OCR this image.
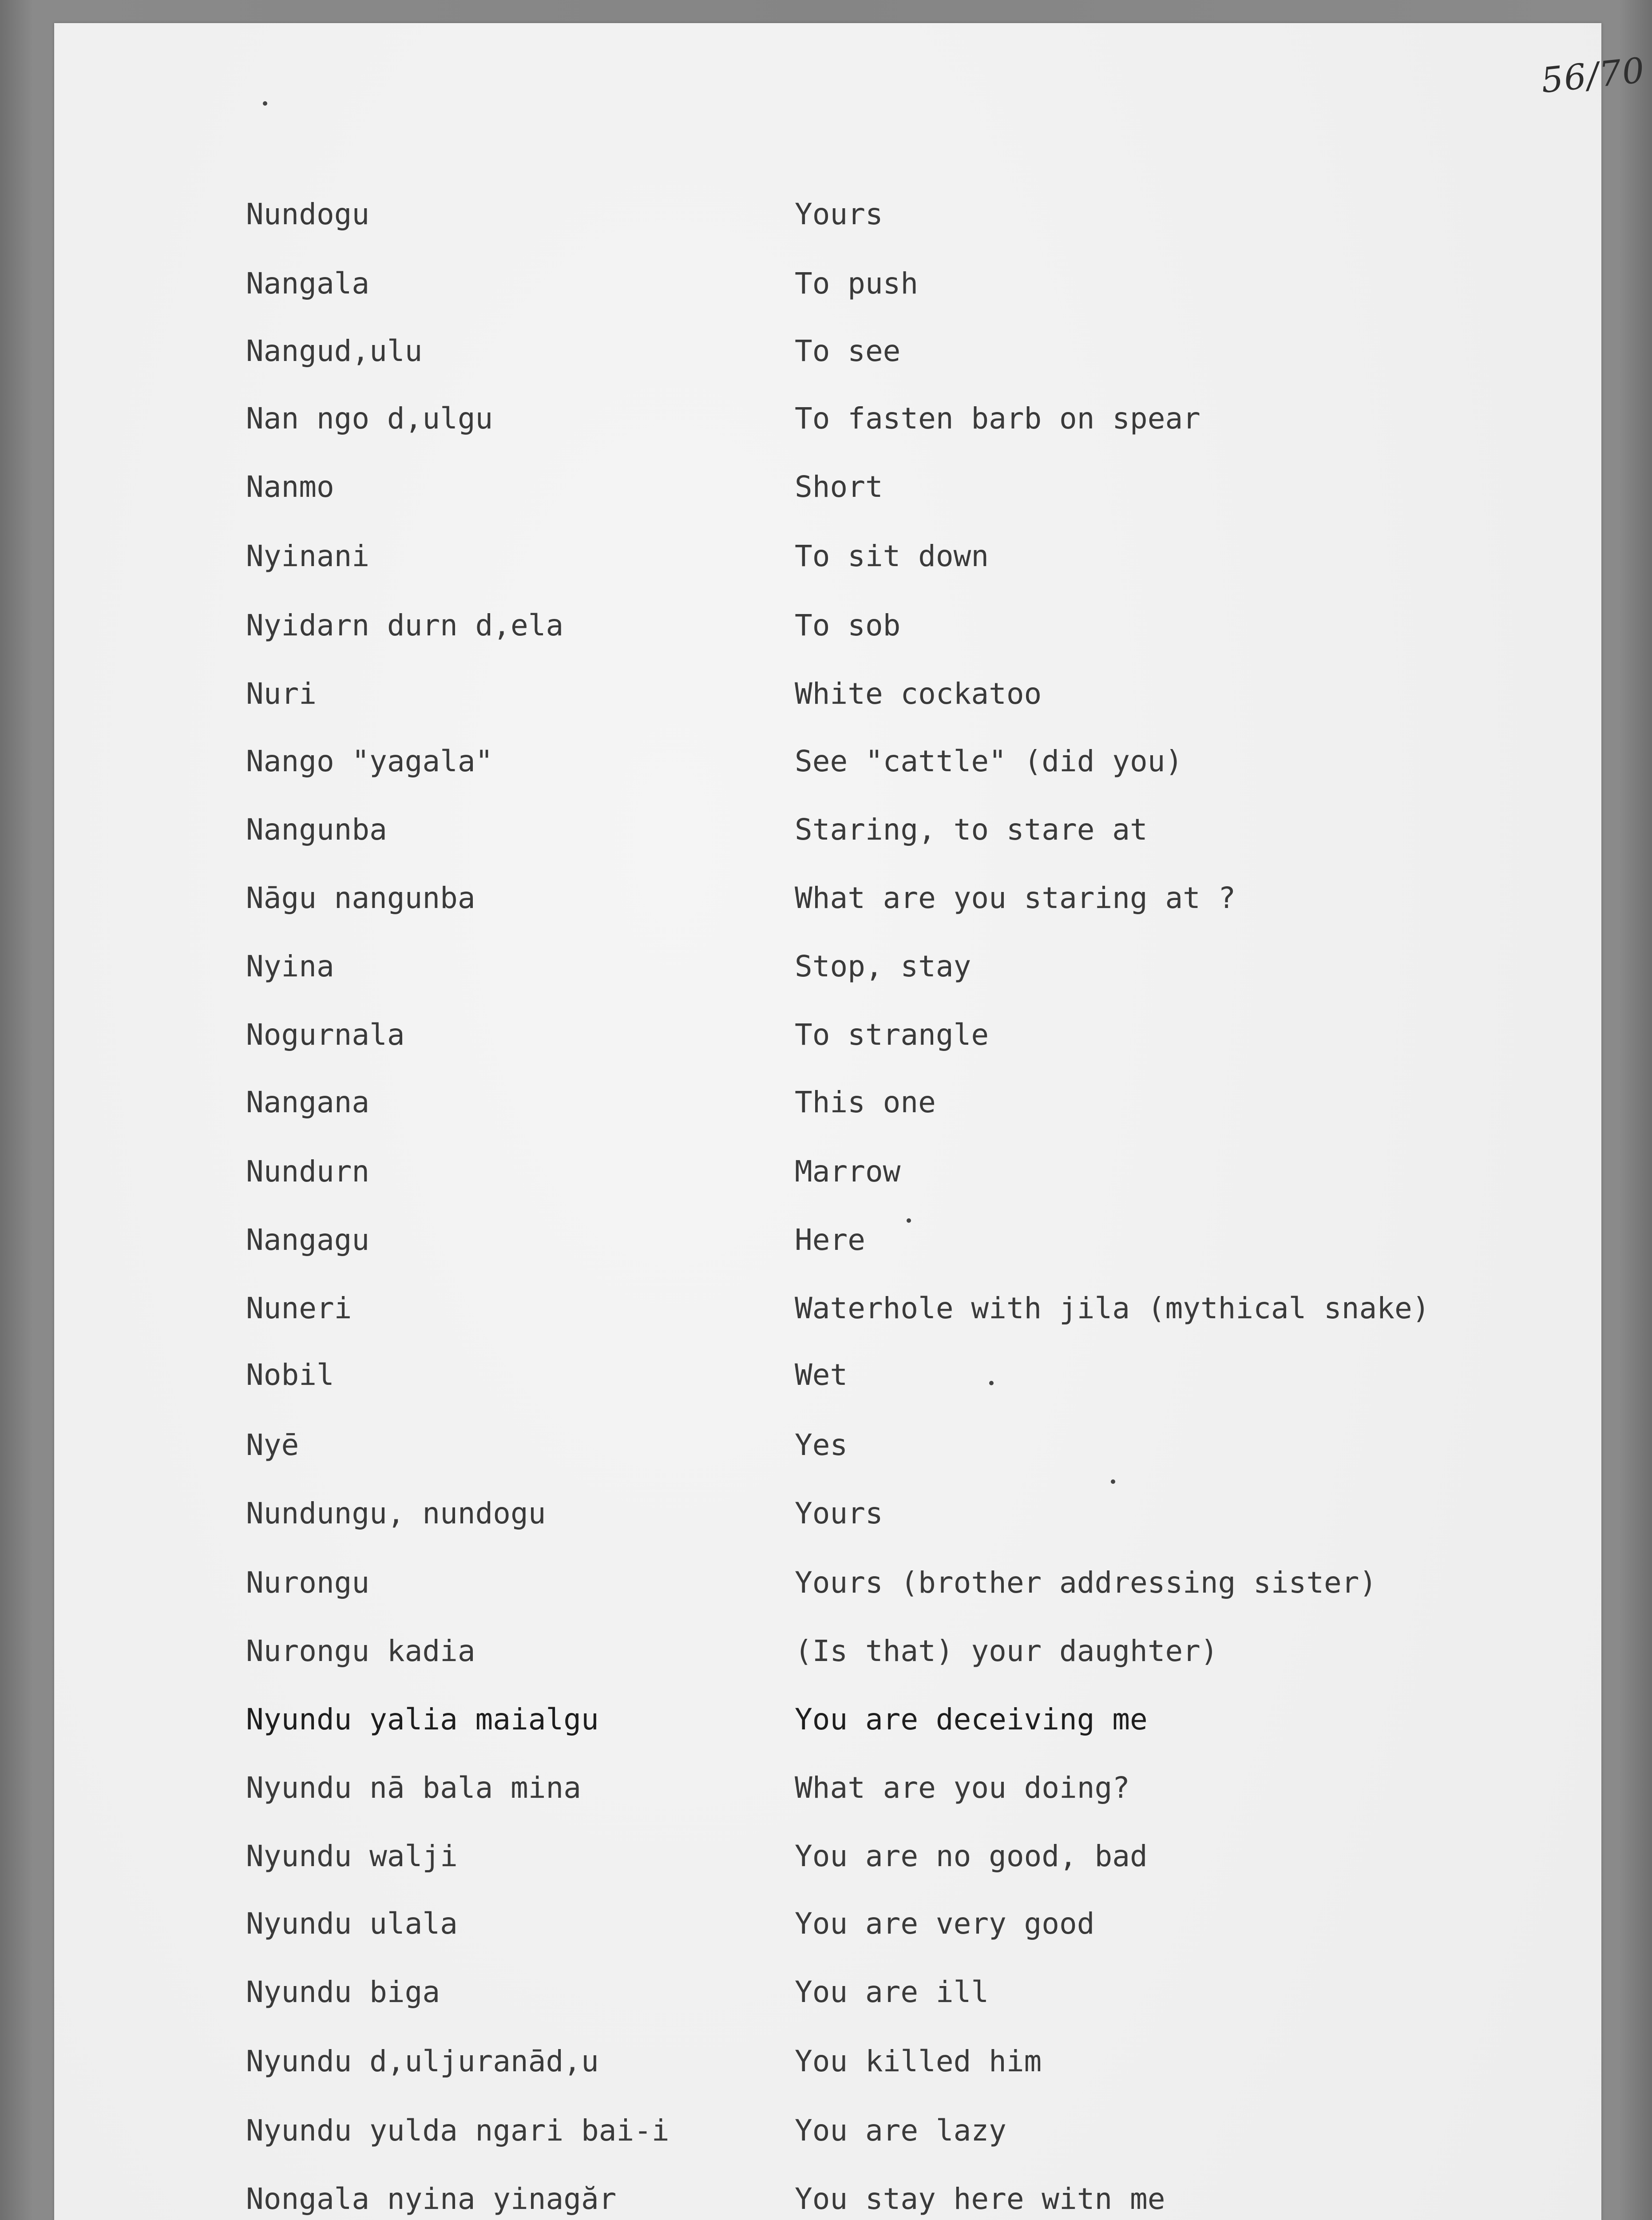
56/70
Nundogu	Yours
Nangala	To push
Nangud,ulu	To see
Nan ngo d,ulgu	To fasten barb on spear
Nanmo	Short
Nyinani	To sit down
Nyidarn durn d,ela	To sob
Nuri	White cockatoo
Nango "yagala"	See "cattle" (did you)
Nangunba	Staring, to stare at
Nāgu nangunba	What are you staring at ?
Nyina	Stop, stay
Nogurnala	To strangle
Nangana	This one
Nundurn	Marrow
Nangagu	Here
Nuneri	Waterhole with jila (mythical snake)
Nobil	Wet
Nyē	Yes
Nundungu, nundogu	Yours
Nurongu	Yours (brother addressing sister)
Nurongu kadia	(Is that) your daughter)
Nyundu yalia maialgu	You are deceiving me
Nyundu nā bala mina	What are you doing?
Nyundu walji	You are no good, bad
Nyundu ulala	You are very good
Nyundu biga	You are ill
Nyundu d,uljuranād,u	You killed him
Nyundu yulda ngari bai-i	You are lazy
Nongala nyina yinagăr	You stay here witn me
